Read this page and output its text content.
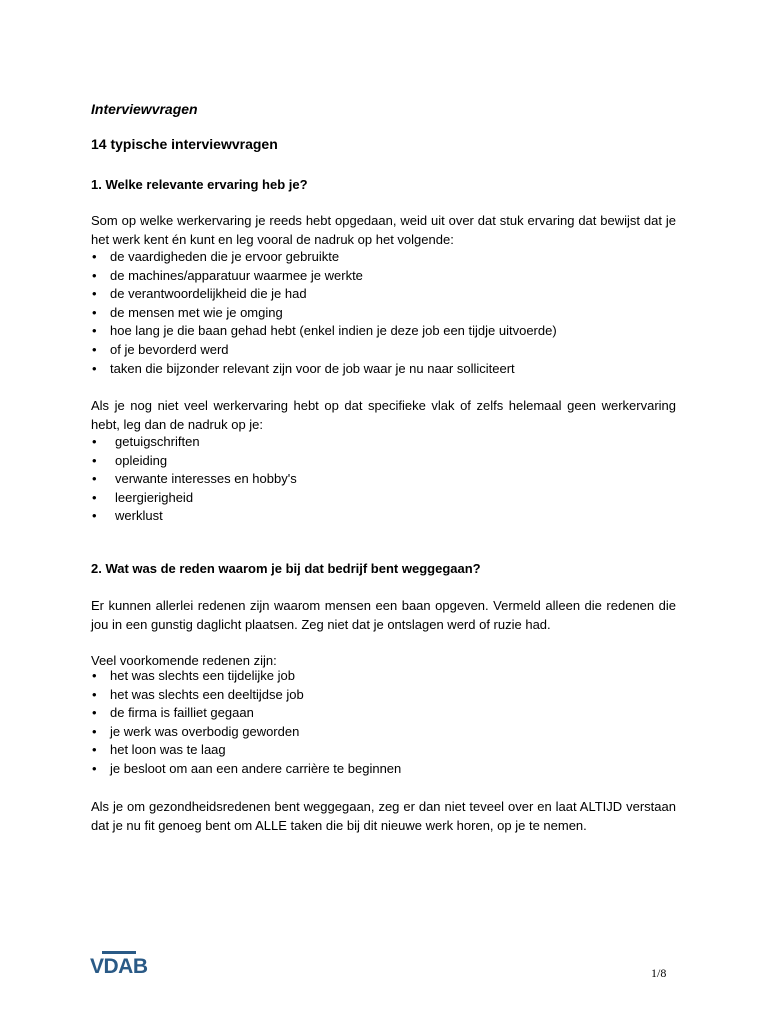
Interviewvragen
14 typische interviewvragen
1. Welke relevante ervaring heb je?

Som op welke werkervaring je reeds hebt opgedaan, weid uit over dat stuk ervaring dat bewijst dat je het werk kent én kunt en leg vooral de nadruk op het volgende:

• de vaardigheden die je ervoor gebruikte
• de machines/apparatuur waarmee je werkte
• de verantwoordelijkheid die je had
• de mensen met wie je omging
• hoe lang je die baan gehad hebt (enkel indien je deze job een tijdje uitvoerde)
• of je bevorderd werd
• taken die bijzonder relevant zijn voor de job waar je nu naar solliciteert

Als je nog niet veel werkervaring hebt op dat specifieke vlak of zelfs helemaal geen werkervaring hebt, leg dan de nadruk op je:

• getuigschriften
• opleiding
• verwante interesses en hobby's
• leergierigheid
• werklust
2. Wat was de reden waarom je bij dat bedrijf bent weggegaan?

Er kunnen allerlei redenen zijn waarom mensen een baan opgeven. Vermeld alleen die redenen die jou in een gunstig daglicht plaatsen. Zeg niet dat je ontslagen werd of ruzie had.

Veel voorkomende redenen zijn:

• het was slechts een tijdelijke job
• het was slechts een deeltijdse job
• de firma is failliet gegaan
• je werk was overbodig geworden
• het loon was te laag
• je besloot om aan een andere carrière te beginnen

Als je om gezondheidsredenen bent weggegaan, zeg er dan niet teveel over en laat ALTIJD verstaan dat je nu fit genoeg bent om ALLE taken die bij dit nieuwe werk horen, op je te nemen.

VDAB	1/8
